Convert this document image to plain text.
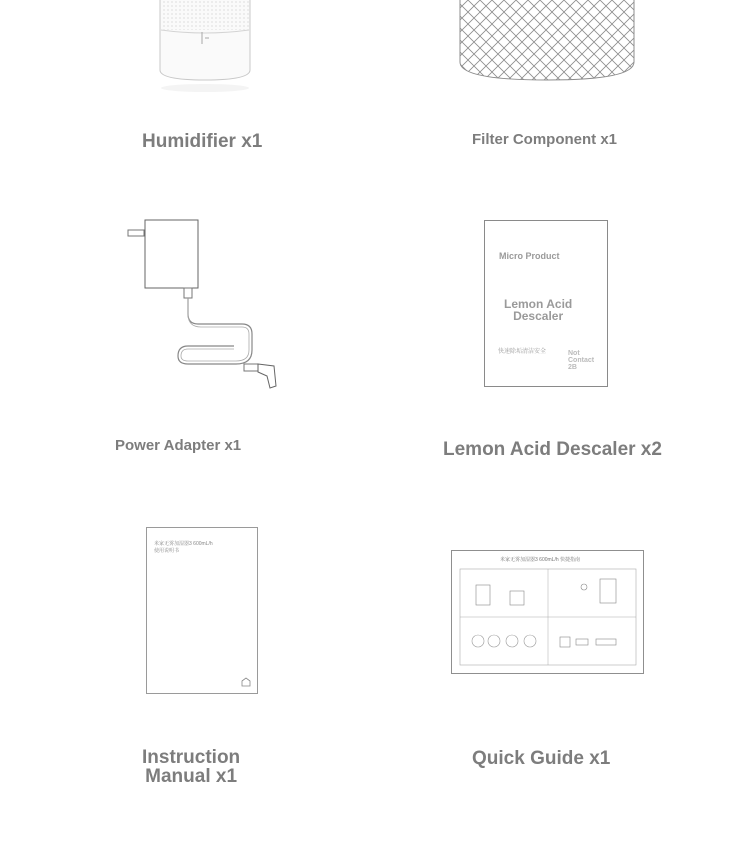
Humidifier x1	Filter Component x1
Power Adapter x1
Micro Product
Lemon Acid
Descaler
快速除垢清洁安全	Not Contact
2B
Lemon Acid Descaler x2
米家无雾加湿器3 600mL/h
使用说明书
Instruction
Manual x1
米家无雾加湿器3 600mL/h 快捷指南
Quick Guide x1
